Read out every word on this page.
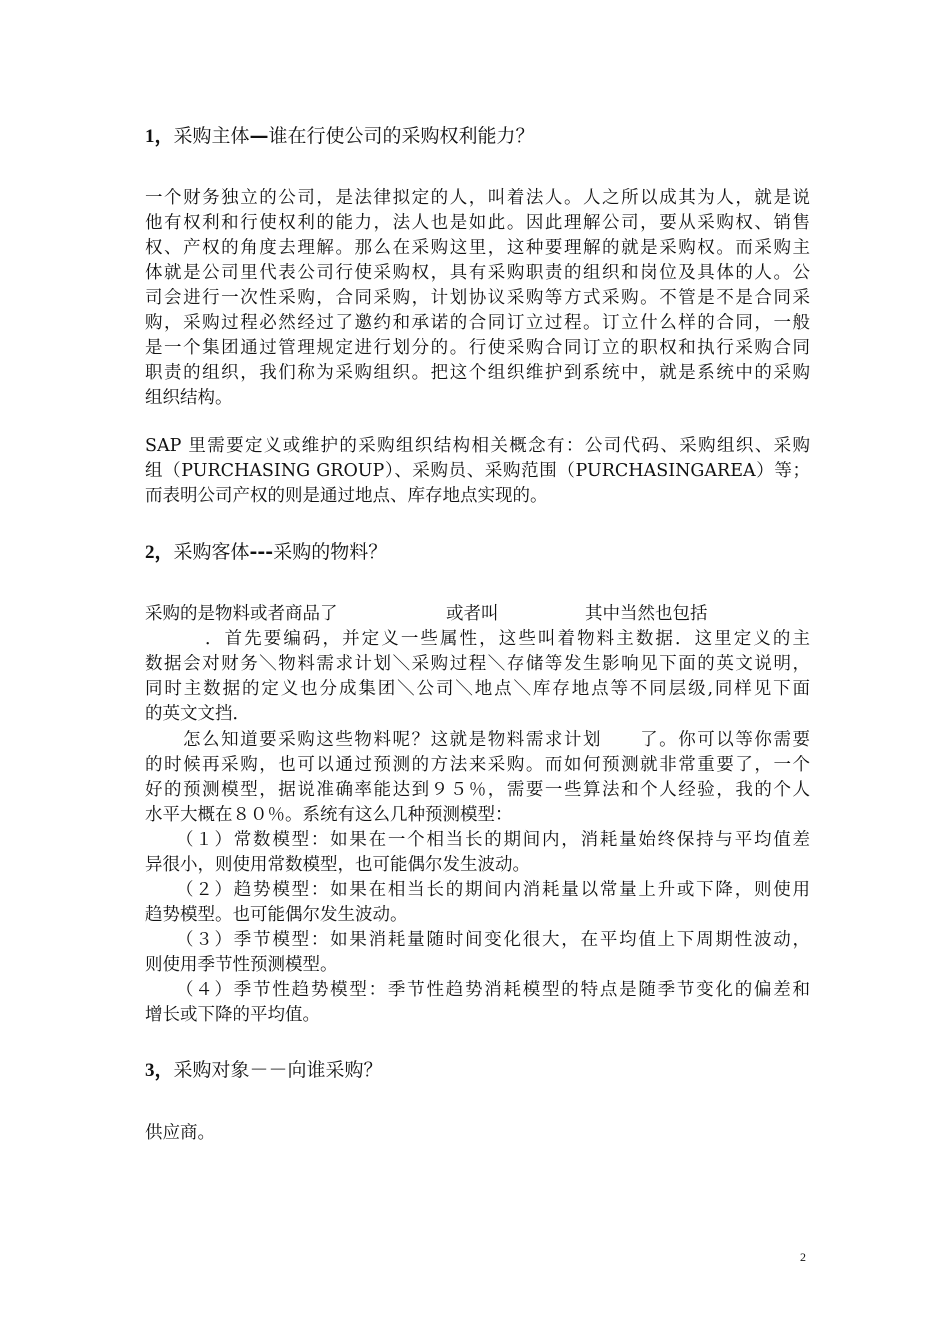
1，采购主体—谁在行使公司的采购权利能力？
一个财务独立的公司，是法律拟定的人，叫着法人。人之所以成其为人，就是说
他有权利和行使权利的能力，法人也是如此。因此理解公司，要从采购权、销售
权、产权的角度去理解。那么在采购这里，这种要理解的就是采购权。而采购主
体就是公司里代表公司行使采购权，具有采购职责的组织和岗位及具体的人。公
司会进行一次性采购，合同采购，计划协议采购等方式采购。不管是不是合同采
购，采购过程必然经过了邀约和承诺的合同订立过程。订立什么样的合同，一般
是一个集团通过管理规定进行划分的。行使采购合同订立的职权和执行采购合同
职责的组织，我们称为采购组织。把这个组织维护到系统中，就是系统中的采购
组织结构。
SAP 里需要定义或维护的采购组织结构相关概念有：公司代码、采购组织、采购
组（PURCHASING GROUP）、采购员、采购范围（PURCHASINGAREA）等；
而表明公司产权的则是通过地点、库存地点实现的。
2，采购客体---采购的物料？
采购的是物料或者商品了	或者叫	其中当然也包括
．首先要编码，并定义一些属性，这些叫着物料主数据．这里定义的主
数据会对财务＼物料需求计划＼采购过程＼存储等发生影响见下面的英文说明，
同时主数据的定义也分成集团＼公司＼地点＼库存地点等不同层级,同样见下面
的英文文挡．
怎么知道要采购这些物料呢？这就是物料需求计划　　了。你可以等你需要
的时候再采购，也可以通过预测的方法来采购。而如何预测就非常重要了，一个
好的预测模型，据说准确率能达到９５％，需要一些算法和个人经验，我的个人
水平大概在８０％。系统有这么几种预测模型：
（１）常数模型：如果在一个相当长的期间内，消耗量始终保持与平均值差
异很小，则使用常数模型，也可能偶尔发生波动。
（２）趋势模型：如果在相当长的期间内消耗量以常量上升或下降，则使用
趋势模型。也可能偶尔发生波动。
（３）季节模型：如果消耗量随时间变化很大，在平均值上下周期性波动，
则使用季节性预测模型。
（４）季节性趋势模型：季节性趋势消耗模型的特点是随季节变化的偏差和
增长或下降的平均值。
3，采购对象－－向谁采购？
供应商。
2
